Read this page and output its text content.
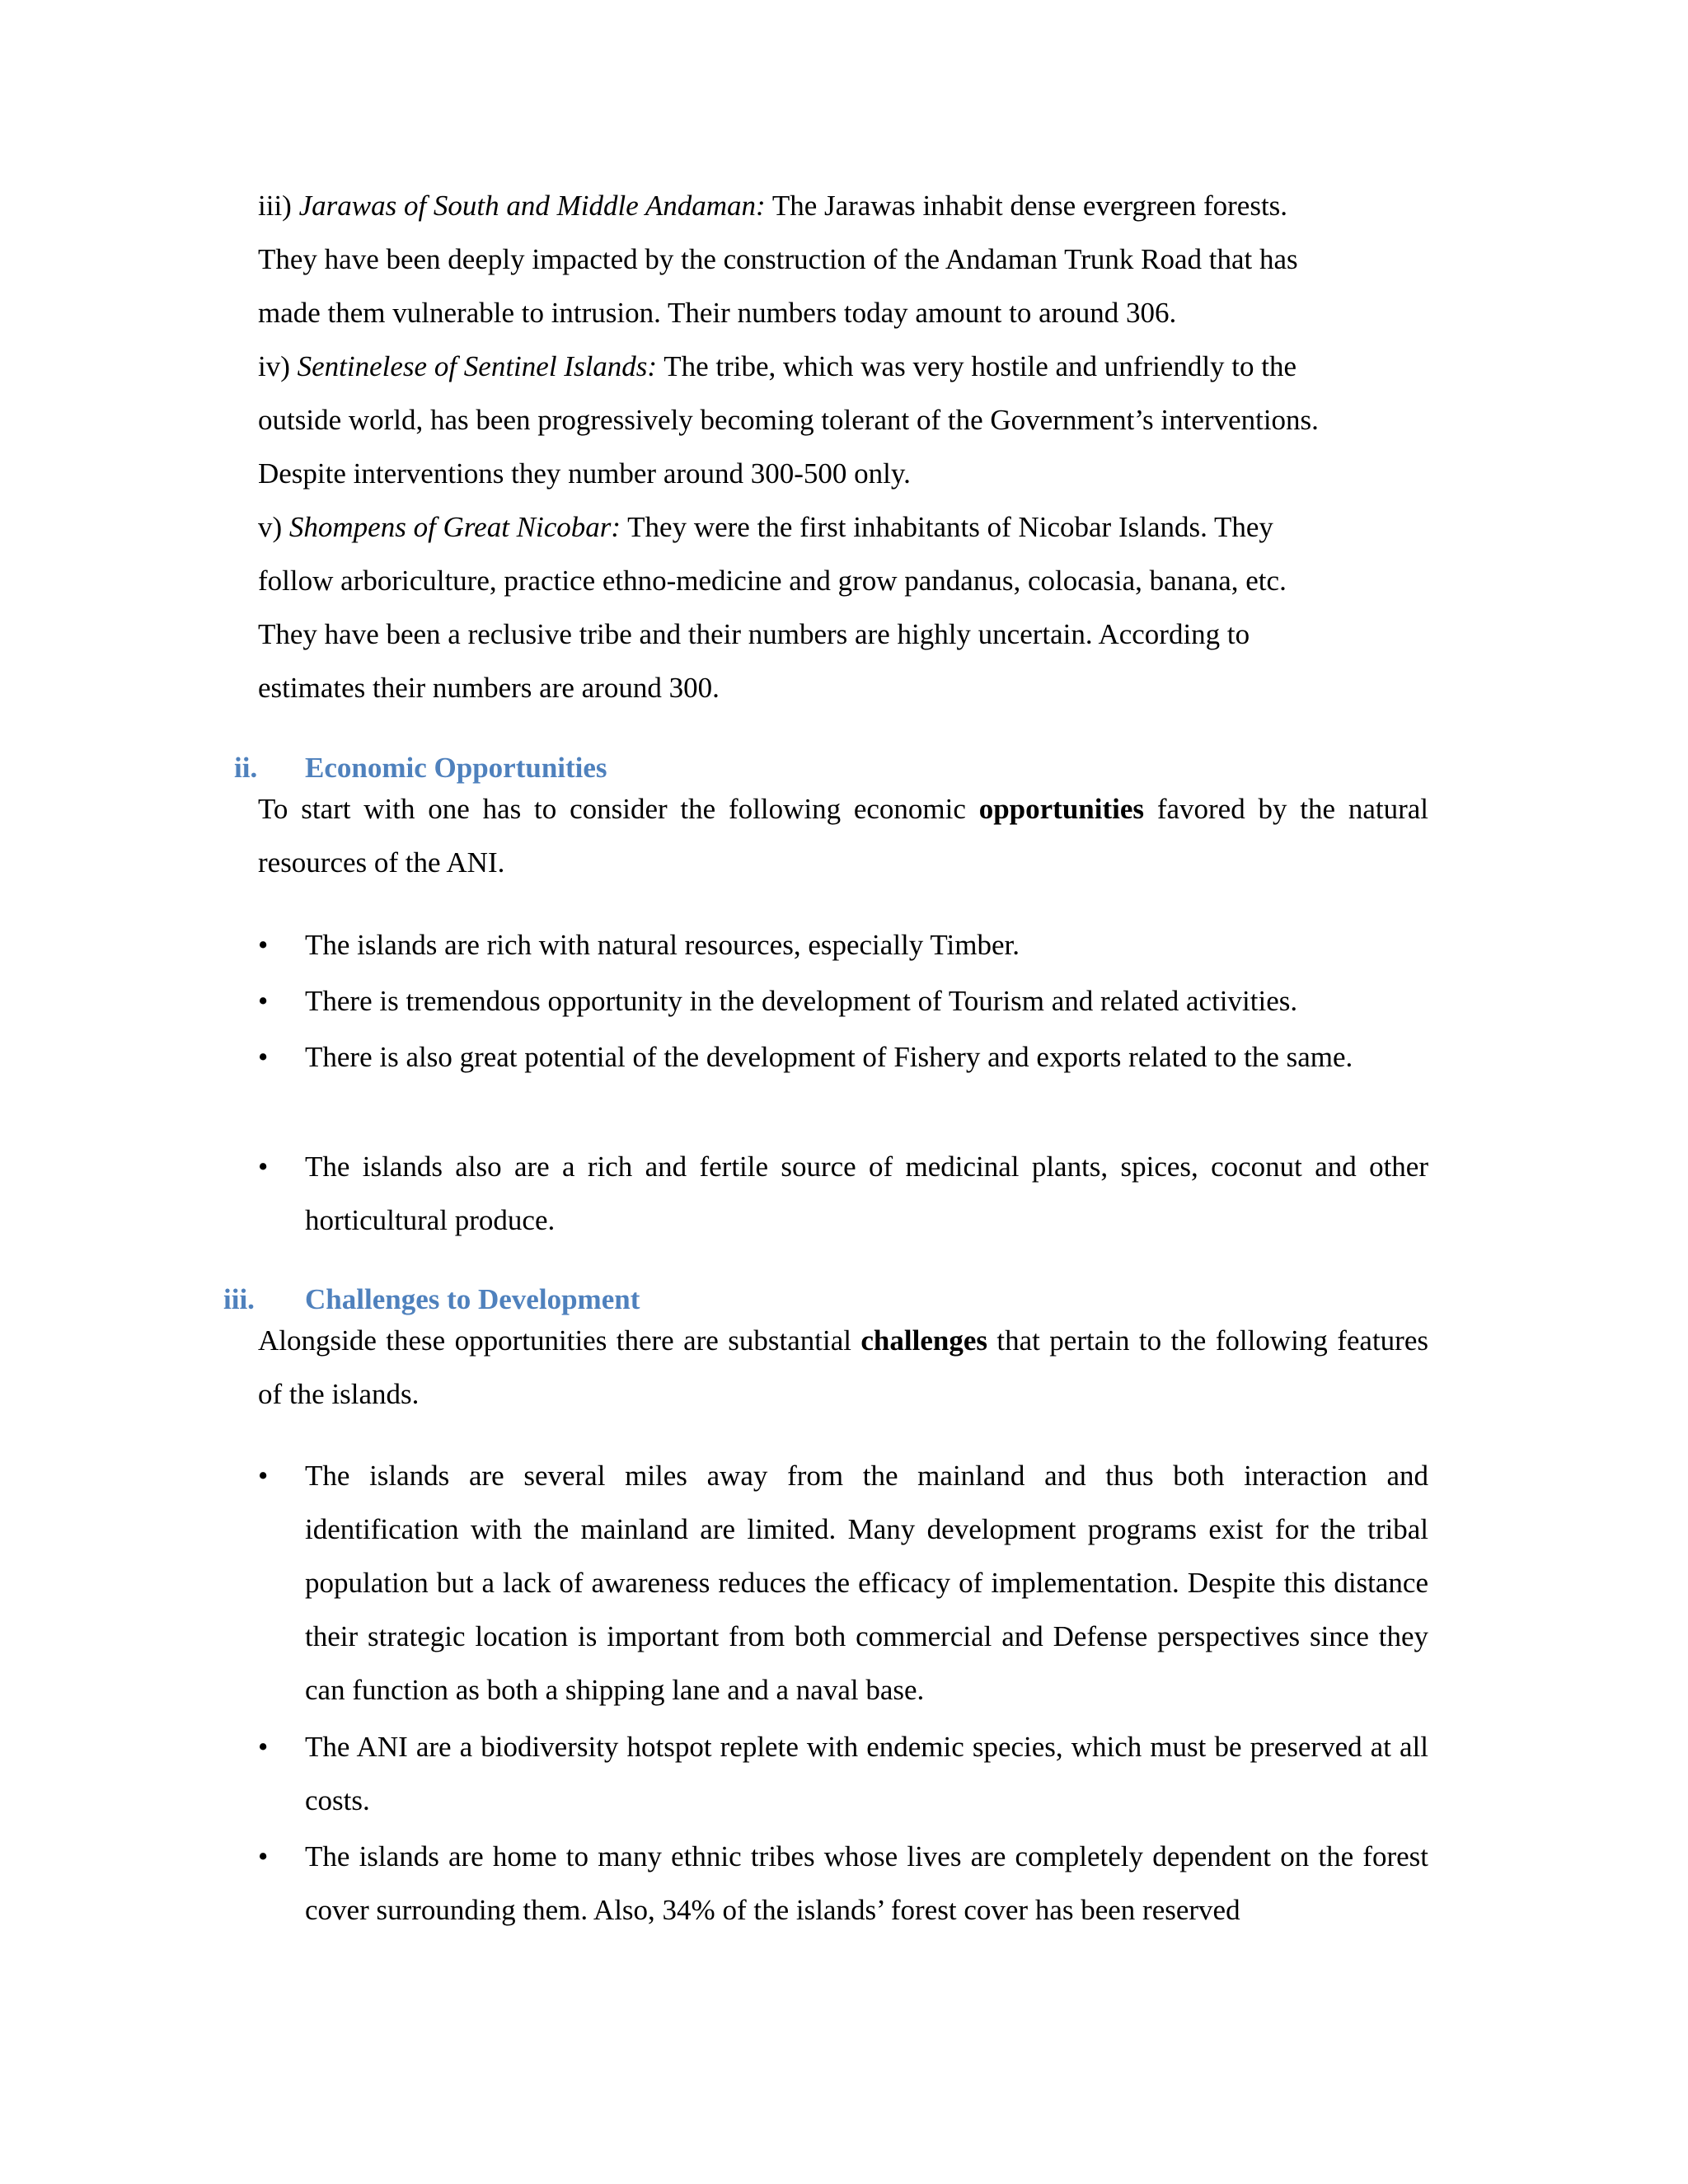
iii) Jarawas of South and Middle Andaman: The Jarawas inhabit dense evergreen forests.
They have been deeply impacted by the construction of the Andaman Trunk Road that has
made them vulnerable to intrusion. Their numbers today amount to around 306.
iv) Sentinelese of Sentinel Islands: The tribe, which was very hostile and unfriendly to the
outside world, has been progressively becoming tolerant of the Government’s interventions.
Despite interventions they number around 300-500 only.
v) Shompens of Great Nicobar: They were the first inhabitants of Nicobar Islands. They
follow arboriculture, practice ethno-medicine and grow pandanus, colocasia, banana, etc.
They have been a reclusive tribe and their numbers are highly uncertain. According to
estimates their numbers are around 300.
ii. Economic Opportunities
To start with one has to consider the following economic opportunities favored by the natural resources of the ANI.
•	The islands are rich with natural resources, especially Timber.
•	There is tremendous opportunity in the development of Tourism and related activities.
•	There is also great potential of the development of Fishery and exports related to the same.
•	The islands also are a rich and fertile source of medicinal plants, spices, coconut and other horticultural produce.
iii. Challenges to Development
Alongside these opportunities there are substantial challenges that pertain to the following features of the islands.
•	The islands are several miles away from the mainland and thus both interaction and identification with the mainland are limited. Many development programs exist for the tribal population but a lack of awareness reduces the efficacy of implementation. Despite this distance their strategic location is important from both commercial and Defense perspectives since they can function as both a shipping lane and a naval base.
•	The ANI are a biodiversity hotspot replete with endemic species, which must be preserved at all costs.
•	The islands are home to many ethnic tribes whose lives are completely dependent on the forest cover surrounding them. Also, 34% of the islands’ forest cover has been reserved
